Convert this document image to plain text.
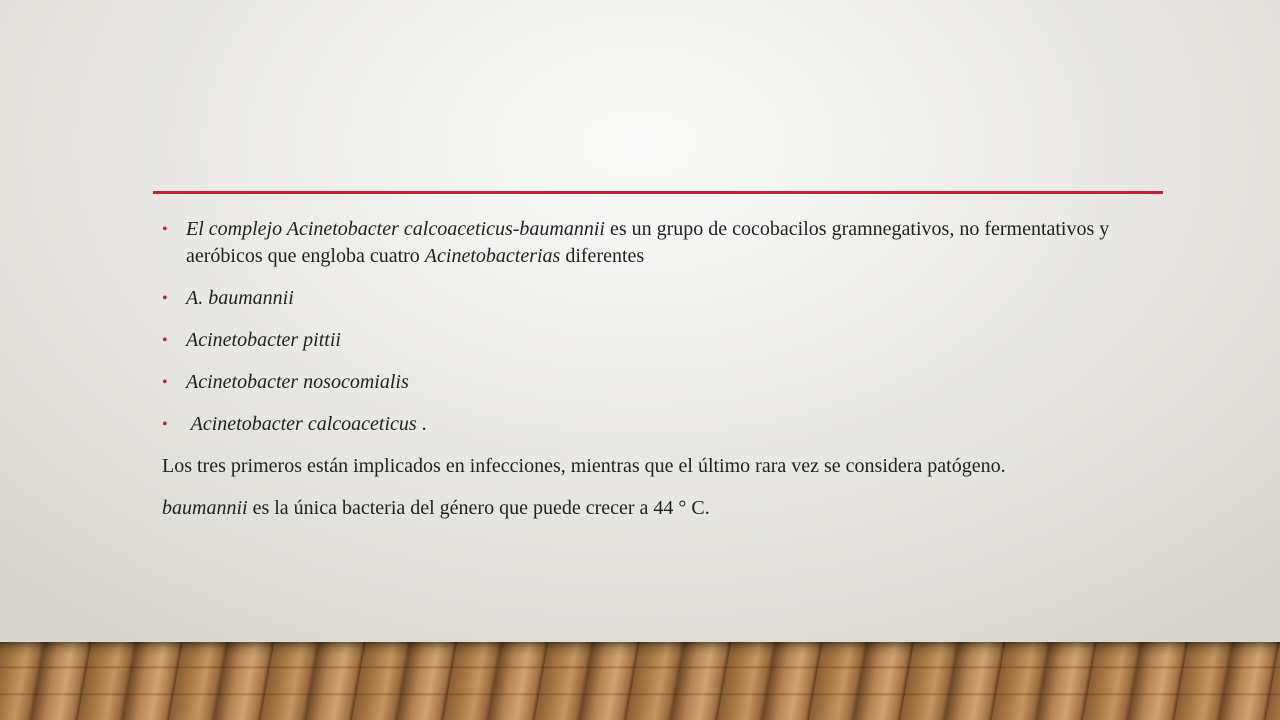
• El complejo Acinetobacter calcoaceticus-baumannii es un grupo de cocobacilos gramnegativos, no fermentativos y aeróbicos que engloba cuatro Acinetobacterias diferentes
• A. baumannii
• Acinetobacter pittii
• Acinetobacter nosocomialis
• Acinetobacter calcoaceticus .
Los tres primeros están implicados en infecciones, mientras que el último rara vez se considera patógeno.
baumannii es la única bacteria del género que puede crecer a 44 ° C.
